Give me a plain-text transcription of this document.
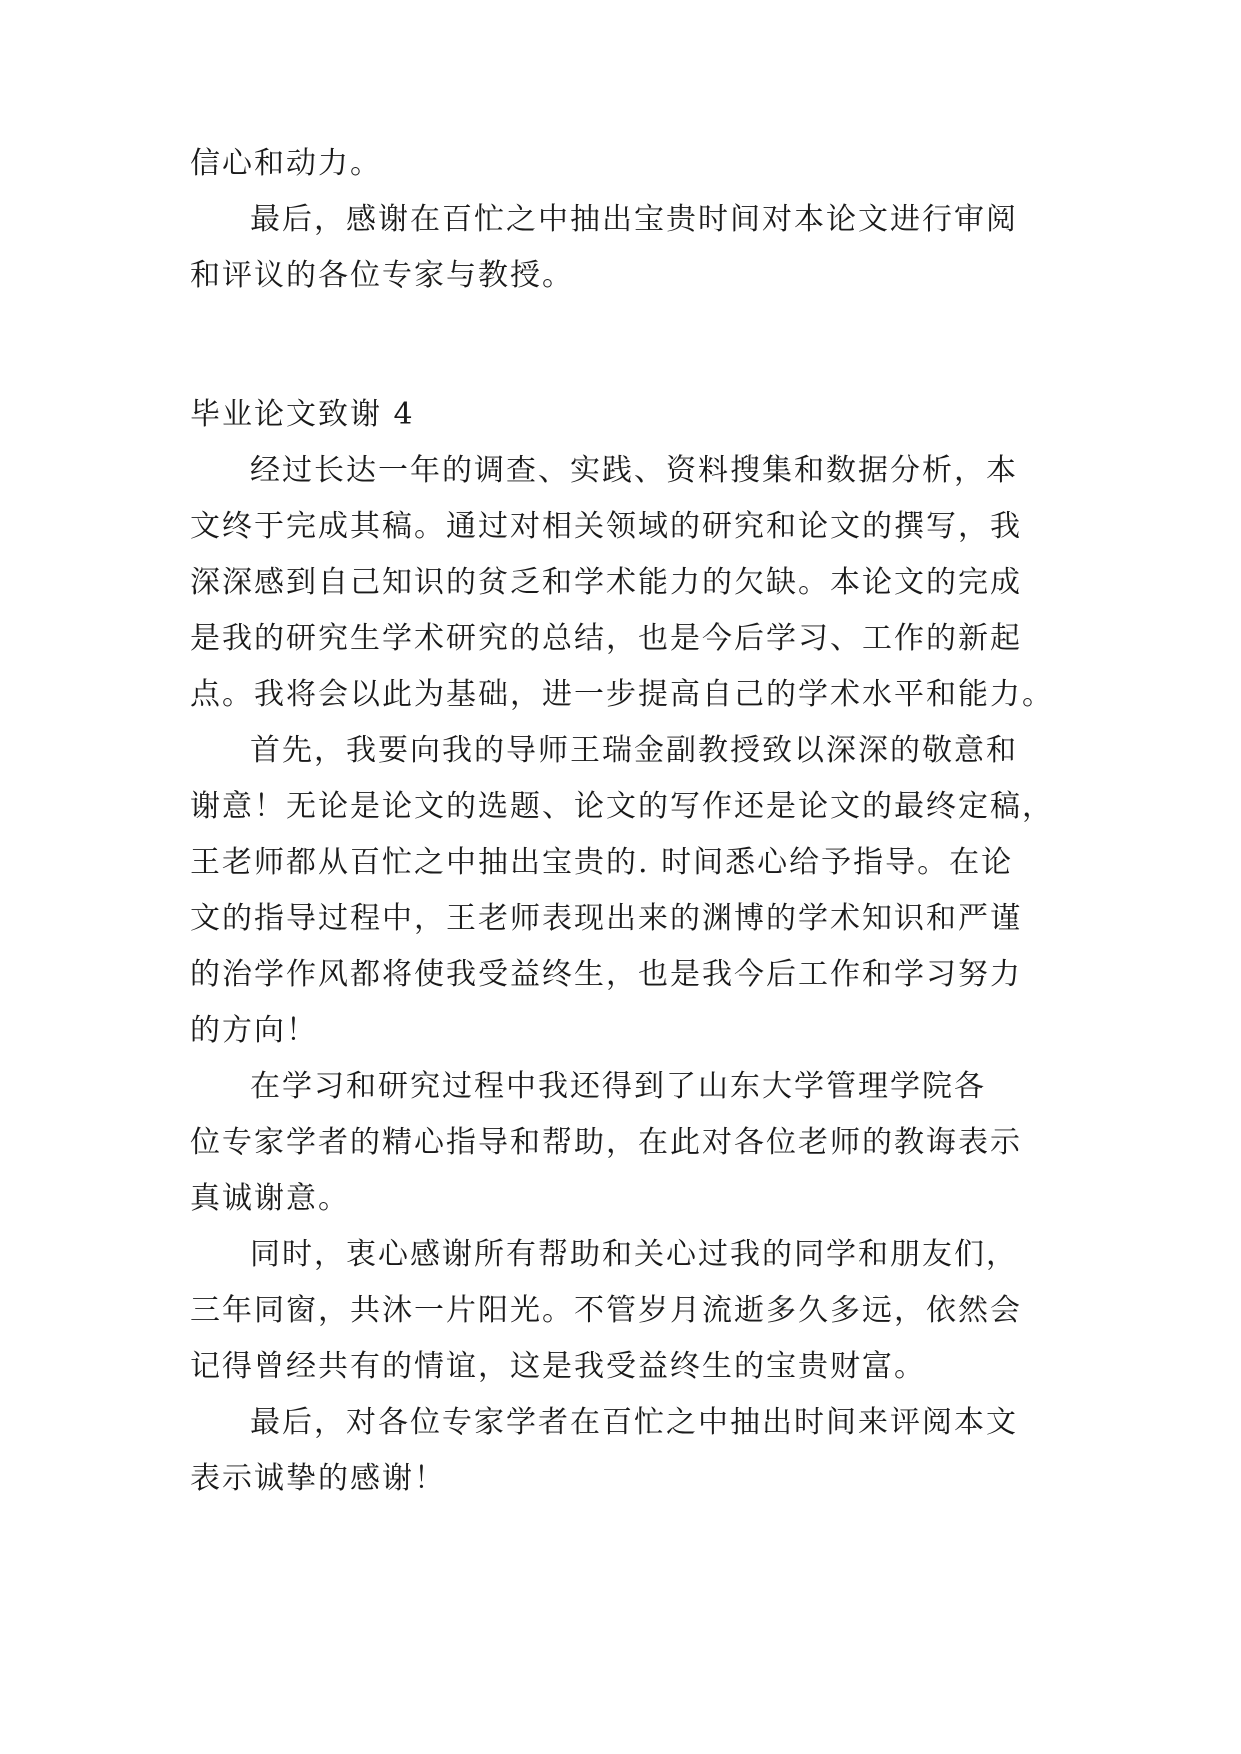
信心和动力。
最后，感谢在百忙之中抽出宝贵时间对本论文进行审阅
和评议的各位专家与教授。
毕业论文致谢 4
经过长达一年的调查、实践、资料搜集和数据分析，本
文终于完成其稿。通过对相关领域的研究和论文的撰写，我
深深感到自己知识的贫乏和学术能力的欠缺。本论文的完成
是我的研究生学术研究的总结，也是今后学习、工作的新起
点。我将会以此为基础，进一步提高自己的学术水平和能力。
首先，我要向我的导师王瑞金副教授致以深深的敬意和
谢意！无论是论文的选题、论文的写作还是论文的最终定稿，
王老师都从百忙之中抽出宝贵的. 时间悉心给予指导。在论
文的指导过程中，王老师表现出来的渊博的学术知识和严谨
的治学作风都将使我受益终生，也是我今后工作和学习努力
的方向！
在学习和研究过程中我还得到了山东大学管理学院各
位专家学者的精心指导和帮助，在此对各位老师的教诲表示
真诚谢意。
同时，衷心感谢所有帮助和关心过我的同学和朋友们，
三年同窗，共沐一片阳光。不管岁月流逝多久多远，依然会
记得曾经共有的情谊，这是我受益终生的宝贵财富。
最后，对各位专家学者在百忙之中抽出时间来评阅本文
表示诚挚的感谢！
